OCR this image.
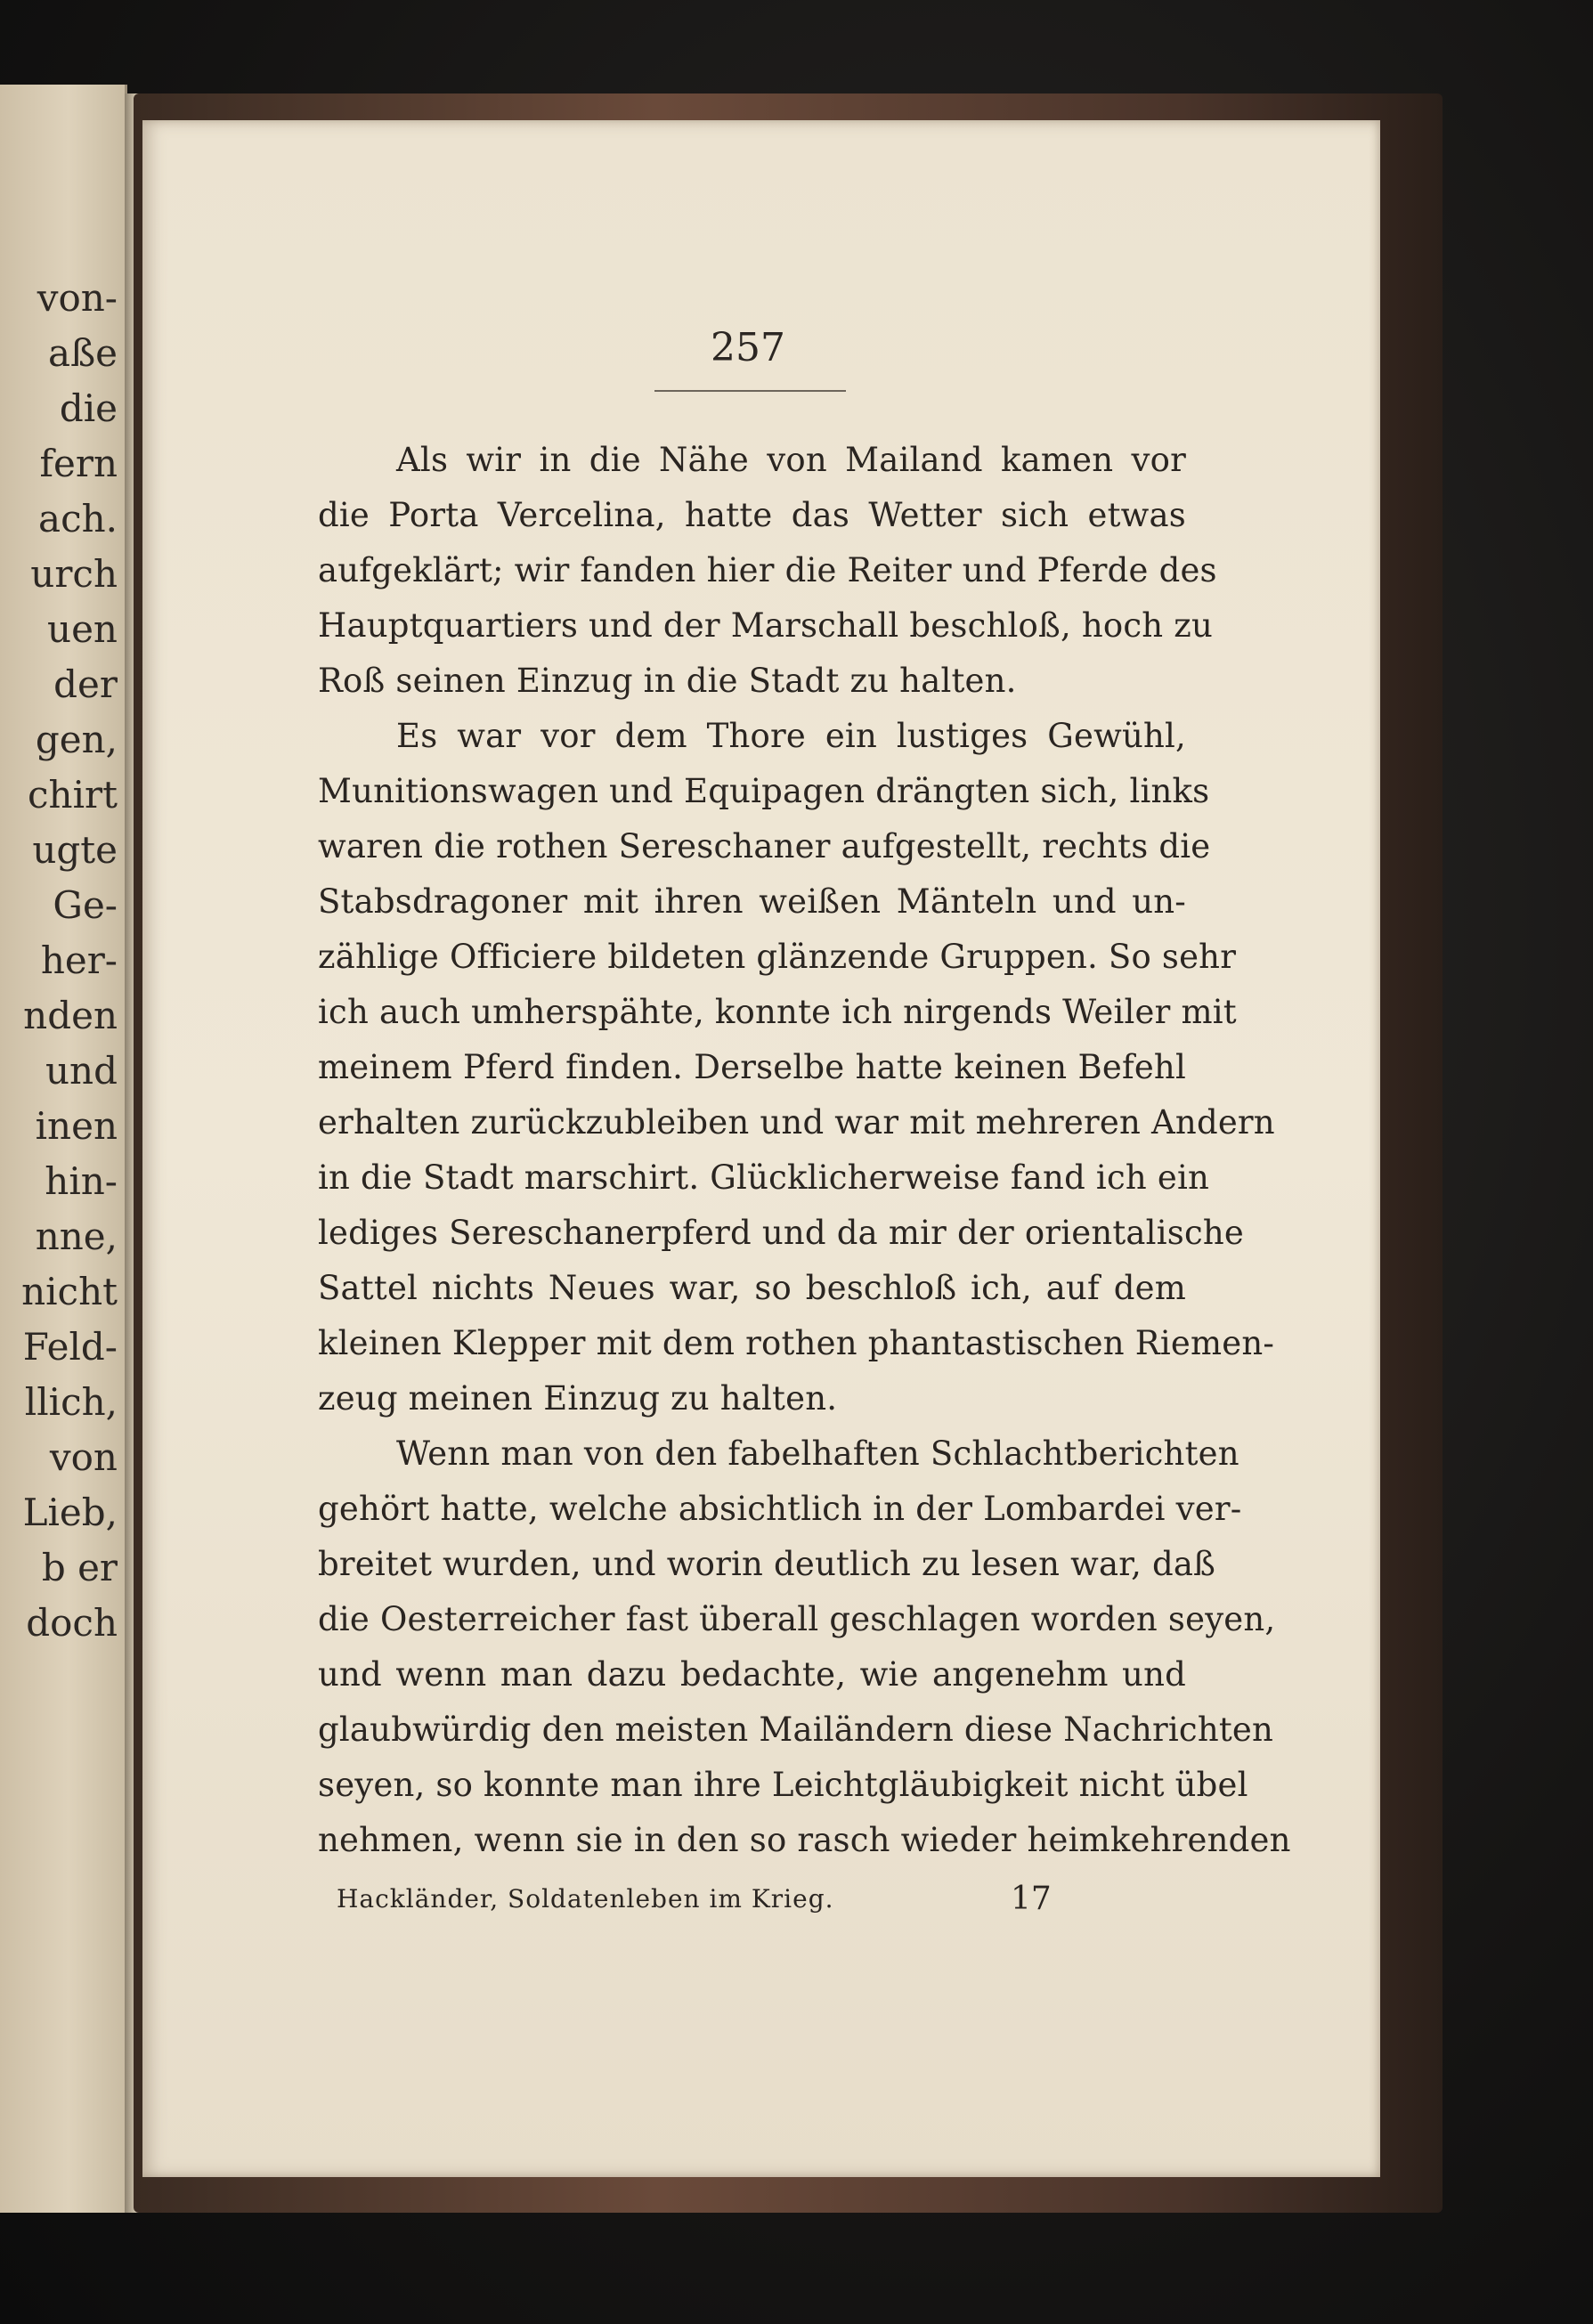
von-
aße
die
fern
ach.
urch
uen
der
gen,
chirt
ugte
Ge-
her-
nden
und
inen
hin-
nne,
nicht
Feld-
llich,
von
Lieb,
b er
doch
257
Als wir in die Nähe von Mailand kamen vor
die Porta Vercelina, hatte das Wetter sich etwas
aufgeklärt; wir fanden hier die Reiter und Pferde des
Hauptquartiers und der Marschall beschloß, hoch zu
Roß seinen Einzug in die Stadt zu halten.
Es war vor dem Thore ein lustiges Gewühl,
Munitionswagen und Equipagen drängten sich, links
waren die rothen Sereschaner aufgestellt, rechts die
Stabsdragoner mit ihren weißen Mänteln und un-
zählige Officiere bildeten glänzende Gruppen. So sehr
ich auch umherspähte, konnte ich nirgends Weiler mit
meinem Pferd finden. Derselbe hatte keinen Befehl
erhalten zurückzubleiben und war mit mehreren Andern
in die Stadt marschirt. Glücklicherweise fand ich ein
lediges Sereschanerpferd und da mir der orientalische
Sattel nichts Neues war, so beschloß ich, auf dem
kleinen Klepper mit dem rothen phantastischen Riemen-
zeug meinen Einzug zu halten.
Wenn man von den fabelhaften Schlachtberichten
gehört hatte, welche absichtlich in der Lombardei ver-
breitet wurden, und worin deutlich zu lesen war, daß
die Oesterreicher fast überall geschlagen worden seyen,
und wenn man dazu bedachte, wie angenehm und
glaubwürdig den meisten Mailändern diese Nachrichten
seyen, so konnte man ihre Leichtgläubigkeit nicht übel
nehmen, wenn sie in den so rasch wieder heimkehrenden
Hackländer, Soldatenleben im Krieg.	17
